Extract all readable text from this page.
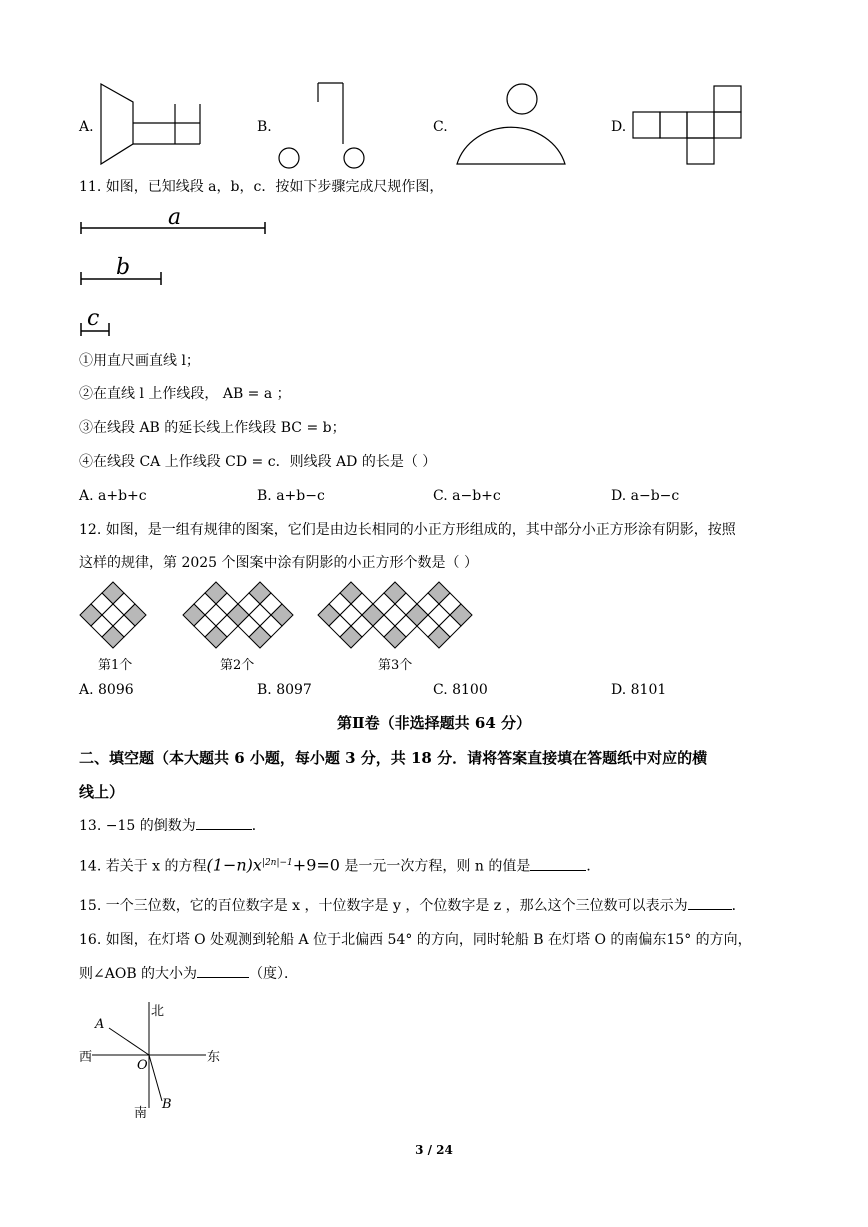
A.	B.	C.	D.
11. 如图，已知线段 a，b，c．按如下步骤完成尺规作图，
a
b
c
①用直尺画直线 l；
②在直线 l 上作线段， AB = a ；
③在线段 AB 的延长线上作线段 BC = b；
④在线段 CA 上作线段 CD = c．则线段 AD 的长是（ ）
A. a+b+c	B. a+b−c	C. a−b+c	D. a−b−c
12. 如图，是一组有规律的图案，它们是由边长相同的小正方形组成的，其中部分小正方形涂有阴影，按照
这样的规律，第 2025 个图案中涂有阴影的小正方形个数是（ ）
第1个	第2个	第3个
A. 8096	B. 8097	C. 8100	D. 8101
第Ⅱ卷（非选择题共 64 分）
二、填空题（本大题共 6 小题，每小题 3 分，共 18 分．请将答案直接填在答题纸中对应的横
线上）
13. −15 的倒数为	．
14. 若关于 x 的方程$(1-n)x^{|2n|-1}+9=0$ 是一元一次方程，则 n 的值是	．
15. 一个三位数，它的百位数字是 x ，十位数字是 y ，个位数字是 z ，那么这个三位数可以表示为	．
16. 如图，在灯塔 O 处观测到轮船 A 位于北偏西 54° 的方向，同时轮船 B 在灯塔 O 的南偏东15° 的方向，
则∠AOB 的大小为	（度）．
北
西	东
南
A
B
O
3 / 24
